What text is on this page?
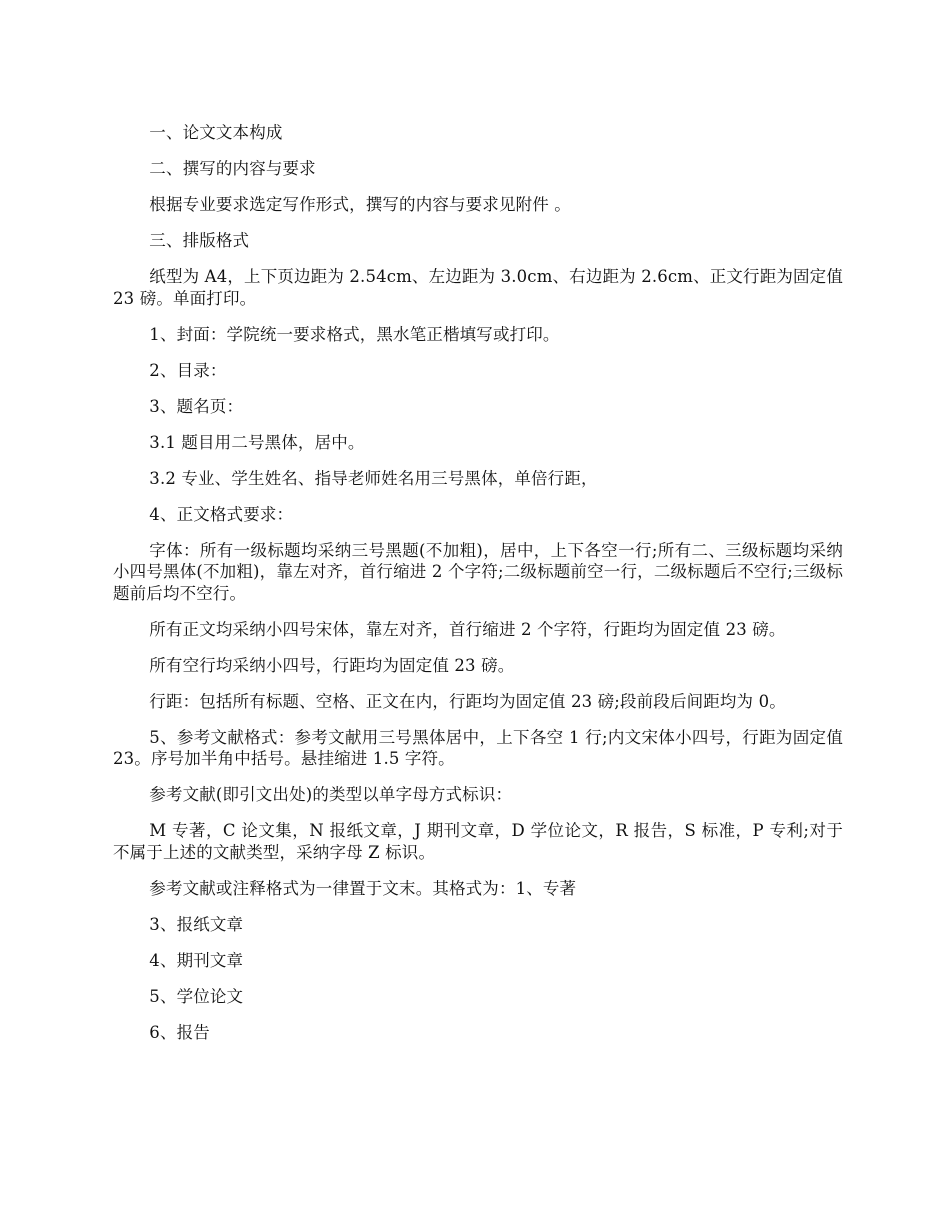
一、论文文本构成

二、撰写的内容与要求

根据专业要求选定写作形式，撰写的内容与要求见附件 。

三、排版格式

纸型为 A4，上下页边距为 2.54cm、左边距为 3.0cm、右边距为 2.6cm、正文行距为固定值 23 磅。单面打印。

1、封面：学院统一要求格式，黑水笔正楷填写或打印。

2、目录：

3、题名页：

3.1 题目用二号黑体，居中。

3.2 专业、学生姓名、指导老师姓名用三号黑体，单倍行距，

4、正文格式要求：

字体：所有一级标题均采纳三号黑题(不加粗)，居中，上下各空一行;所有二、三级标题均采纳小四号黑体(不加粗)，靠左对齐，首行缩进 2 个字符;二级标题前空一行，二级标题后不空行;三级标题前后均不空行。

所有正文均采纳小四号宋体，靠左对齐，首行缩进 2 个字符，行距均为固定值 23 磅。

所有空行均采纳小四号，行距均为固定值 23 磅。

行距：包括所有标题、空格、正文在内，行距均为固定值 23 磅;段前段后间距均为 0。

5、参考文献格式：参考文献用三号黑体居中，上下各空 1 行;内文宋体小四号，行距为固定值 23。序号加半角中括号。悬挂缩进 1.5 字符。

参考文献(即引文出处)的类型以单字母方式标识：

M 专著，C 论文集，N 报纸文章，J 期刊文章，D 学位论文，R 报告，S 标准，P 专利;对于不属于上述的文献类型，采纳字母 Z 标识。

参考文献或注释格式为一律置于文末。其格式为：1、专著

3、报纸文章

4、期刊文章

5、学位论文

6、报告
